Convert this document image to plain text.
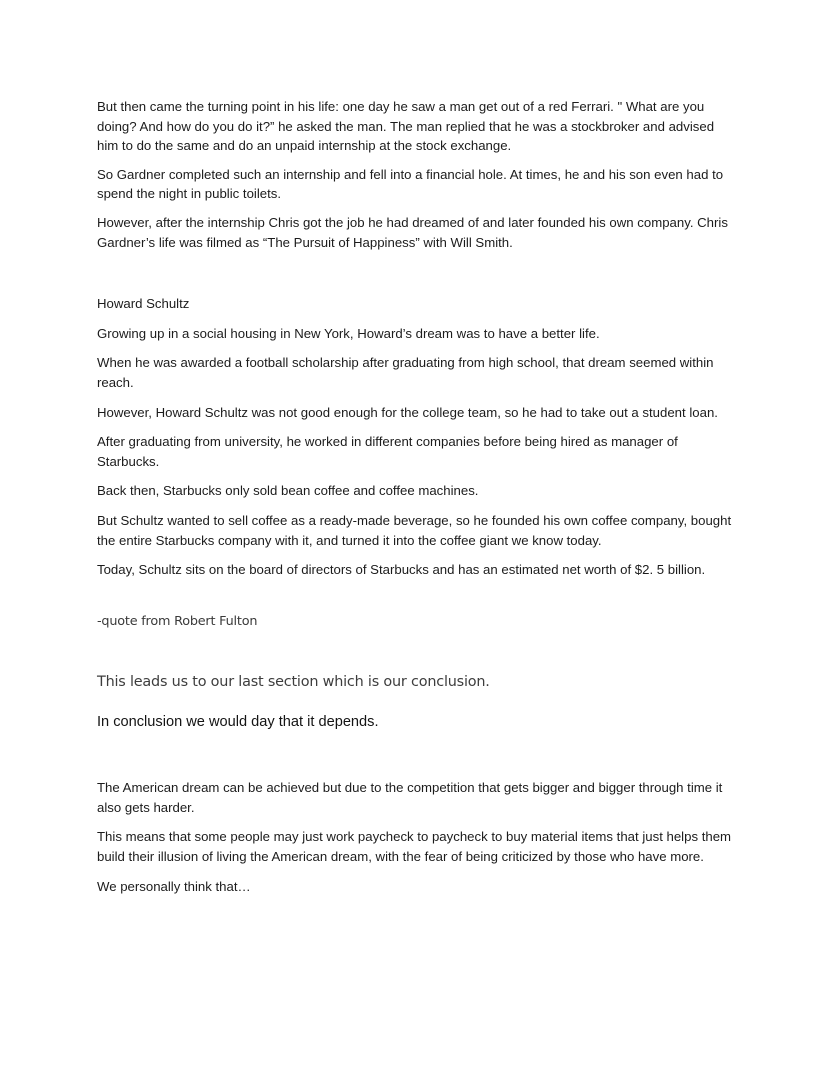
But then came the turning point in his life: one day he saw a man get out of a red Ferrari. " What are you doing? And how do you do it?” he asked the man. The man replied that he was a stockbroker and advised him to do the same and do an unpaid internship at the stock exchange.

So Gardner completed such an internship and fell into a financial hole. At times, he and his son even had to spend the night in public toilets.

However, after the internship Chris got the job he had dreamed of and later founded his own company. Chris Gardner’s life was filmed as “The Pursuit of Happiness” with Will Smith.

Howard Schultz

Growing up in a social housing in New York, Howard’s dream was to have a better life.

When he was awarded a football scholarship after graduating from high school, that dream seemed within reach.

However, Howard Schultz was not good enough for the college team, so he had to take out a student loan.

After graduating from university, he worked in different companies before being hired as manager of Starbucks.

Back then, Starbucks only sold bean coffee and coffee machines.

But Schultz wanted to sell coffee as a ready-made beverage, so he founded his own coffee company, bought the entire Starbucks company with it, and turned it into the coffee giant we know today.

Today, Schultz sits on the board of directors of Starbucks and has an estimated net worth of $2. 5 billion.

-quote from Robert Fulton

This leads us to our last section which is our conclusion.

In conclusion we would day that it depends.

The American dream can be achieved but due to the competition that gets bigger and bigger through time it also gets harder.

This means that some people may just work paycheck to paycheck to buy material items that just helps them build their illusion of living the American dream, with the fear of being criticized by those who have more.

We personally think that…
